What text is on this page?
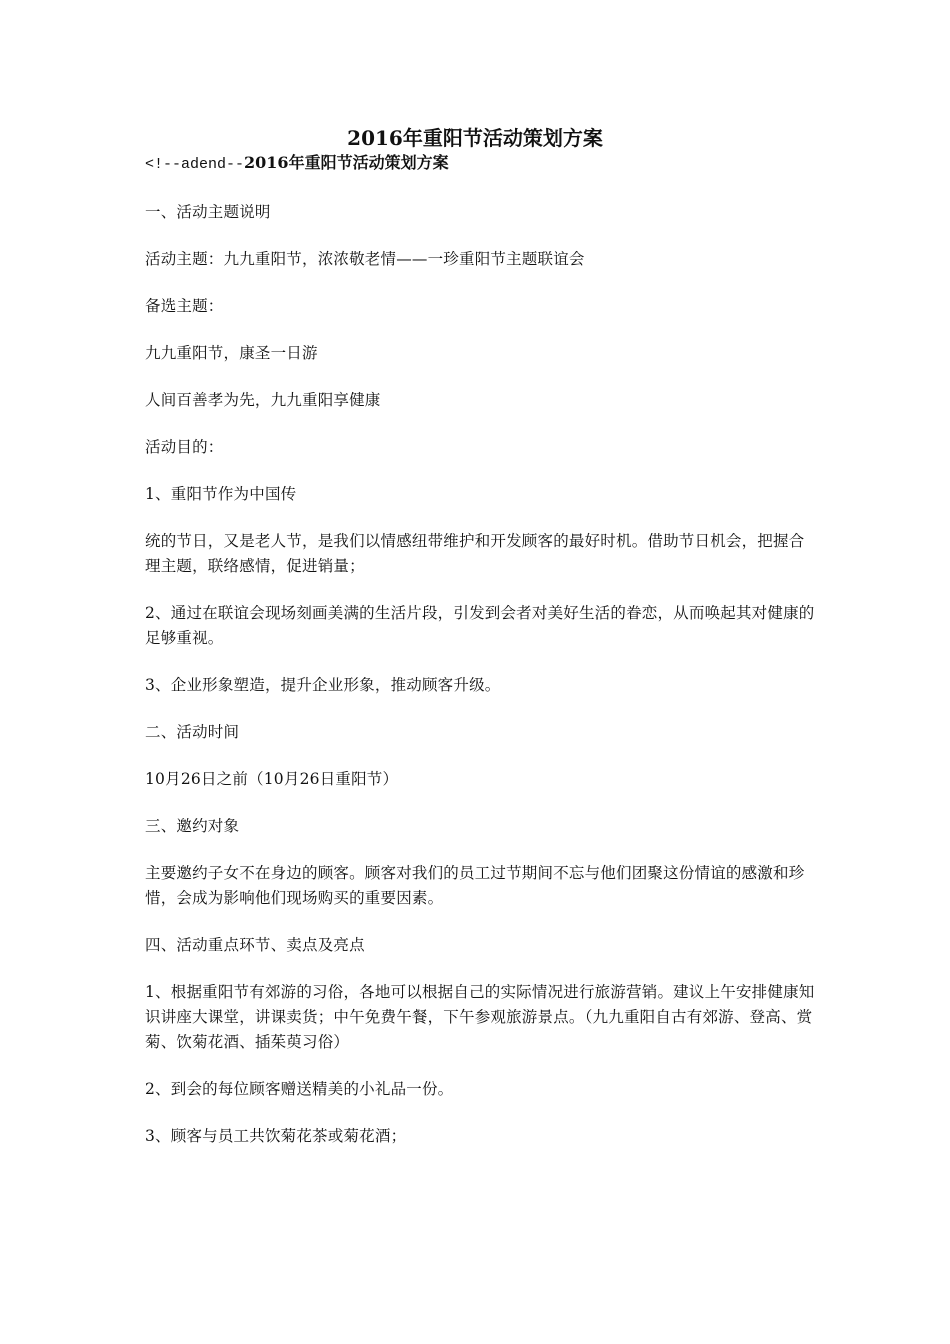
2016年重阳节活动策划方案

<!--adend--2016年重阳节活动策划方案

一、活动主题说明

活动主题：九九重阳节，浓浓敬老情——一珍重阳节主题联谊会

备选主题：

九九重阳节，康圣一日游

人间百善孝为先，九九重阳享健康

活动目的：

1、重阳节作为中国传

统的节日，又是老人节，是我们以情感纽带维护和开发顾客的最好时机。借助节日机会，把握合理主题，联络感情，促进销量；

2、通过在联谊会现场刻画美满的生活片段，引发到会者对美好生活的眷恋，从而唤起其对健康的足够重视。

3、企业形象塑造，提升企业形象，推动顾客升级。

二、活动时间

10月26日之前（10月26日重阳节）

三、邀约对象

主要邀约子女不在身边的顾客。顾客对我们的员工过节期间不忘与他们团聚这份情谊的感激和珍惜，会成为影响他们现场购买的重要因素。

四、活动重点环节、卖点及亮点

1、根据重阳节有郊游的习俗，各地可以根据自己的实际情况进行旅游营销。建议上午安排健康知识讲座大课堂，讲课卖货；中午免费午餐，下午参观旅游景点。（九九重阳自古有郊游、登高、赏菊、饮菊花酒、插茱萸习俗）

2、到会的每位顾客赠送精美的小礼品一份。

3、顾客与员工共饮菊花茶或菊花酒；
